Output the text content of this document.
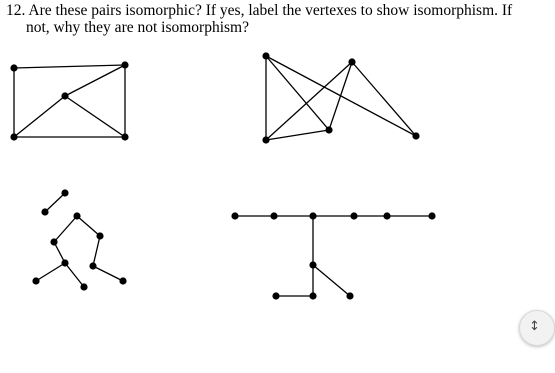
12. Are these pairs isomorphic? If yes, label the vertexes to show isomorphism. If
not, why they are not isomorphism?
↕
